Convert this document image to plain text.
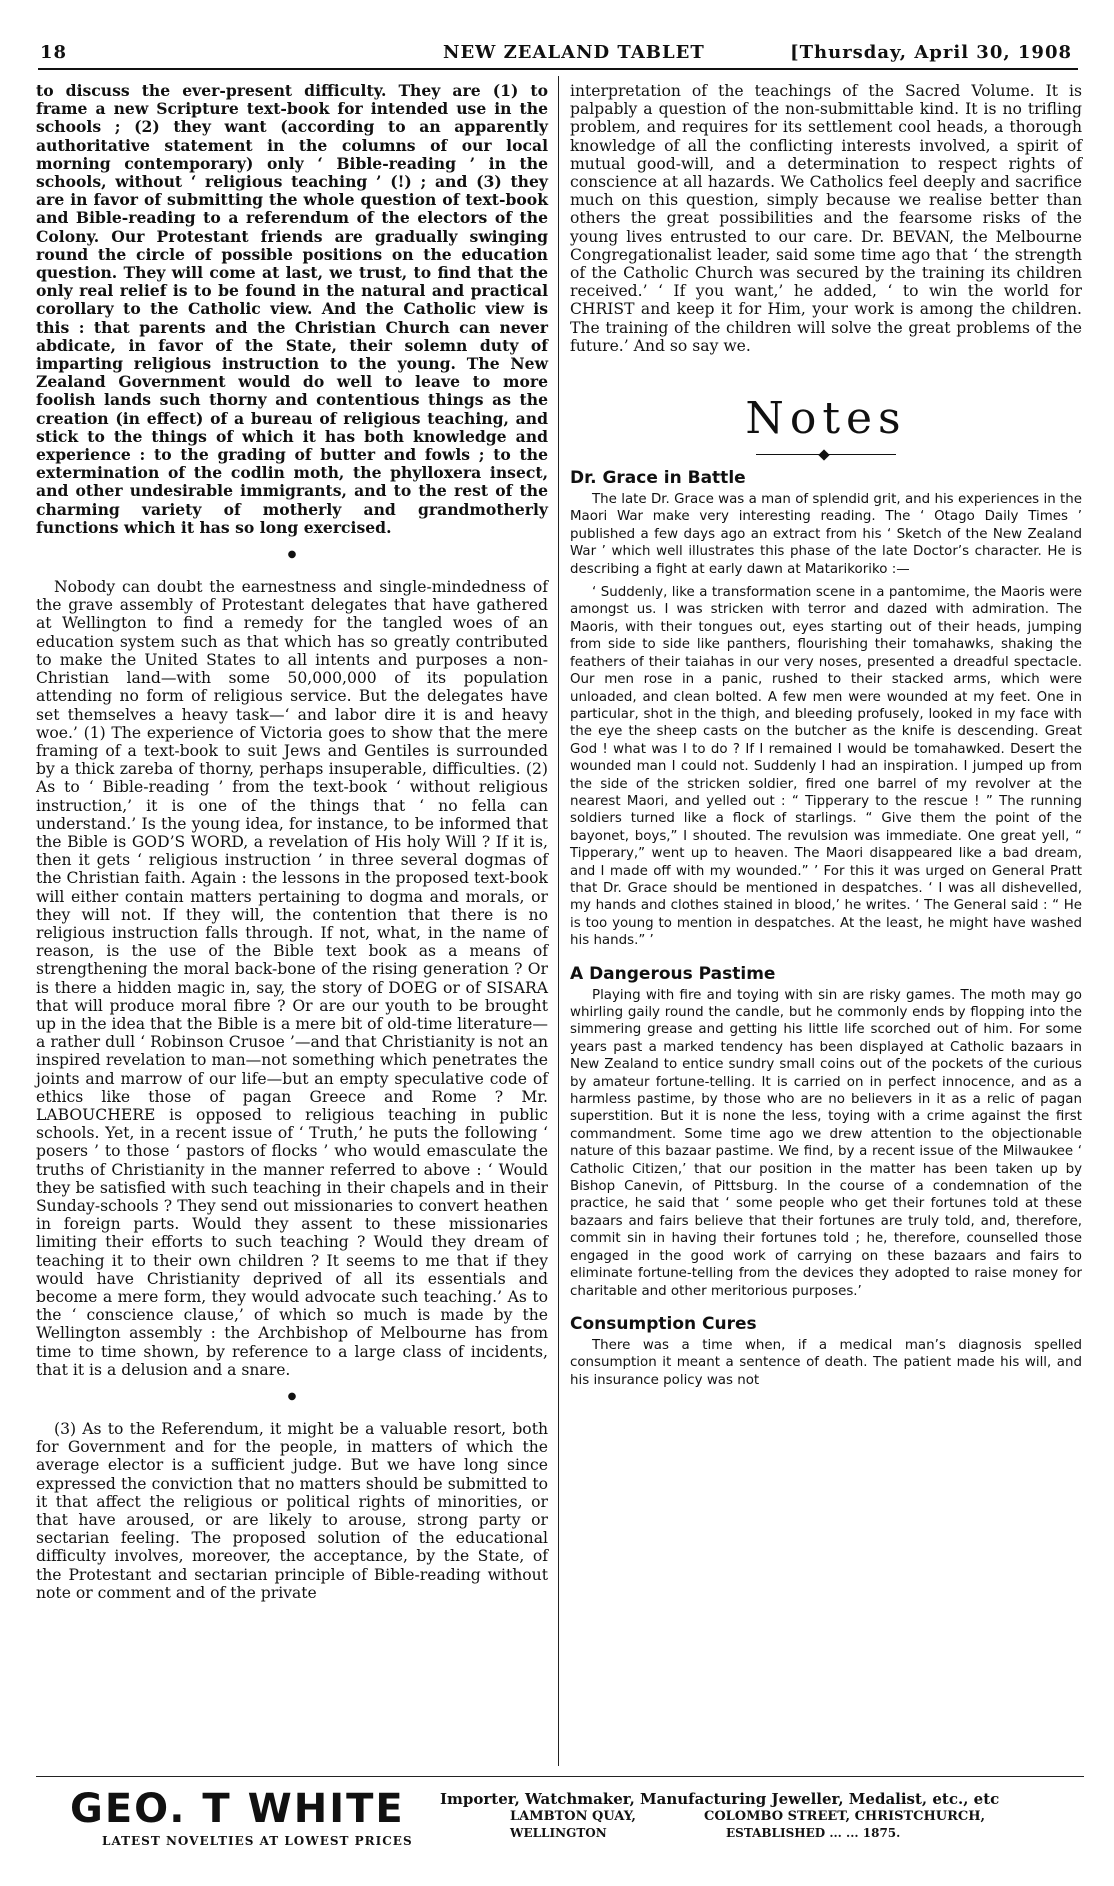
18	NEW ZEALAND TABLET	[Thursday, April 30, 1908

to discuss the ever-present difficulty. They are (1) to frame a new Scripture text-book for intended use in the schools ; (2) they want (according to an apparently authoritative statement in the columns of our local morning contemporary) only ‘ Bible-reading ’ in the schools, without ‘ religious teaching ’ (!) ; and (3) they are in favor of submitting the whole question of text-book and Bible-reading to a referendum of the electors of the Colony. Our Protestant friends are gradually swinging round the circle of possible positions on the education question. They will come at last, we trust, to find that the only real relief is to be found in the natural and practical corollary to the Catholic view. And the Catholic view is this : that parents and the Christian Church can never abdicate, in favor of the State, their solemn duty of imparting religious instruction to the young. The New Zealand Government would do well to leave to more foolish lands such thorny and contentious things as the creation (in effect) of a bureau of religious teaching, and stick to the things of which it has both knowledge and experience : to the grading of butter and fowls ; to the extermination of the codlin moth, the phylloxera insect, and other undesirable immigrants, and to the rest of the charming variety of motherly and grandmotherly functions which it has so long exercised.

●

Nobody can doubt the earnestness and single-mindedness of the grave assembly of Protestant delegates that have gathered at Wellington to find a remedy for the tangled woes of an education system such as that which has so greatly contributed to make the United States to all intents and purposes a non-Christian land—with some 50,000,000 of its population attending no form of religious service. But the delegates have set themselves a heavy task—‘ and labor dire it is and heavy woe.’ (1) The experience of Victoria goes to show that the mere framing of a text-book to suit Jews and Gentiles is surrounded by a thick zareba of thorny, perhaps insuperable, difficulties. (2) As to ‘ Bible-reading ’ from the text-book ‘ without religious instruction,’ it is one of the things that ‘ no fella can understand.’ Is the young idea, for instance, to be informed that the Bible is GOD’S WORD, a revelation of His holy Will ? If it is, then it gets ‘ religious instruction ’ in three several dogmas of the Christian faith. Again : the lessons in the proposed text-book will either contain matters pertaining to dogma and morals, or they will not. If they will, the contention that there is no religious instruction falls through. If not, what, in the name of reason, is the use of the Bible text book as a means of strengthening the moral back-bone of the rising generation ? Or is there a hidden magic in, say, the story of DOEG or of SISARA that will produce moral fibre ? Or are our youth to be brought up in the idea that the Bible is a mere bit of old-time literature—a rather dull ‘ Robinson Crusoe ’—and that Christianity is not an inspired revelation to man—not something which penetrates the joints and marrow of our life—but an empty speculative code of ethics like those of pagan Greece and Rome ? Mr. LABOUCHERE is opposed to religious teaching in public schools. Yet, in a recent issue of ‘ Truth,’ he puts the following ‘ posers ’ to those ‘ pastors of flocks ’ who would emasculate the truths of Christianity in the manner referred to above : ‘ Would they be satisfied with such teaching in their chapels and in their Sunday-schools ? They send out missionaries to convert heathen in foreign parts. Would they assent to these missionaries limiting their efforts to such teaching ? Would they dream of teaching it to their own children ? It seems to me that if they would have Christianity deprived of all its essentials and become a mere form, they would advocate such teaching.’ As to the ‘ conscience clause,’ of which so much is made by the Wellington assembly : the Archbishop of Melbourne has from time to time shown, by reference to a large class of incidents, that it is a delusion and a snare.

●

(3) As to the Referendum, it might be a valuable resort, both for Government and for the people, in matters of which the average elector is a sufficient judge. But we have long since expressed the conviction that no matters should be submitted to it that affect the religious or political rights of minorities, or that have aroused, or are likely to arouse, strong party or sectarian feeling. The proposed solution of the educational difficulty involves, moreover, the acceptance, by the State, of the Protestant and sectarian principle of Bible-reading without note or comment and of the private

interpretation of the teachings of the Sacred Volume. It is palpably a question of the non-submittable kind. It is no trifling problem, and requires for its settlement cool heads, a thorough knowledge of all the conflicting interests involved, a spirit of mutual good-will, and a determination to respect rights of conscience at all hazards. We Catholics feel deeply and sacrifice much on this question, simply because we realise better than others the great possibilities and the fearsome risks of the young lives entrusted to our care. Dr. BEVAN, the Melbourne Congregationalist leader, said some time ago that ‘ the strength of the Catholic Church was secured by the training its children received.’ ‘ If you want,’ he added, ‘ to win the world for CHRIST and keep it for Him, your work is among the children. The training of the children will solve the great problems of the future.’ And so say we.

Notes
Dr. Grace in Battle

The late Dr. Grace was a man of splendid grit, and his experiences in the Maori War make very interesting reading. The ‘ Otago Daily Times ’ published a few days ago an extract from his ‘ Sketch of the New Zealand War ’ which well illustrates this phase of the late Doctor’s character. He is describing a fight at early dawn at Matarikoriko :—

‘ Suddenly, like a transformation scene in a pantomime, the Maoris were amongst us. I was stricken with terror and dazed with admiration. The Maoris, with their tongues out, eyes starting out of their heads, jumping from side to side like panthers, flourishing their tomahawks, shaking the feathers of their taiahas in our very noses, presented a dreadful spectacle. Our men rose in a panic, rushed to their stacked arms, which were unloaded, and clean bolted. A few men were wounded at my feet. One in particular, shot in the thigh, and bleeding profusely, looked in my face with the eye the sheep casts on the butcher as the knife is descending. Great God ! what was I to do ? If I remained I would be tomahawked. Desert the wounded man I could not. Suddenly I had an inspiration. I jumped up from the side of the stricken soldier, fired one barrel of my revolver at the nearest Maori, and yelled out : “ Tipperary to the rescue ! ” The running soldiers turned like a flock of starlings. “ Give them the point of the bayonet, boys,” I shouted. The revulsion was immediate. One great yell, “ Tipperary,” went up to heaven. The Maori disappeared like a bad dream, and I made off with my wounded.” ’ For this it was urged on General Pratt that Dr. Grace should be mentioned in despatches. ‘ I was all dishevelled, my hands and clothes stained in blood,’ he writes. ‘ The General said : “ He is too young to mention in despatches. At the least, he might have washed his hands.” ’

A Dangerous Pastime

Playing with fire and toying with sin are risky games. The moth may go whirling gaily round the candle, but he commonly ends by flopping into the simmering grease and getting his little life scorched out of him. For some years past a marked tendency has been displayed at Catholic bazaars in New Zealand to entice sundry small coins out of the pockets of the curious by amateur fortune-telling. It is carried on in perfect innocence, and as a harmless pastime, by those who are no believers in it as a relic of pagan superstition. But it is none the less, toying with a crime against the first commandment. Some time ago we drew attention to the objectionable nature of this bazaar pastime. We find, by a recent issue of the Milwaukee ‘ Catholic Citizen,’ that our position in the matter has been taken up by Bishop Canevin, of Pittsburg. In the course of a condemnation of the practice, he said that ‘ some people who get their fortunes told at these bazaars and fairs believe that their fortunes are truly told, and, therefore, commit sin in having their fortunes told ; he, therefore, counselled those engaged in the good work of carrying on these bazaars and fairs to eliminate fortune-telling from the devices they adopted to raise money for charitable and other meritorious purposes.’

Consumption Cures

There was a time when, if a medical man’s diagnosis spelled consumption it meant a sentence of death. The patient made his will, and his insurance policy was not

GEO. T WHITE
LATEST NOVELTIES AT LOWEST PRICES
Importer, Watchmaker, Manufacturing Jeweller, Medalist, etc., etc
LAMBTON QUAY,	COLOMBO STREET, CHRISTCHURCH,
WELLINGTON	ESTABLISHED ... ... 1875.
